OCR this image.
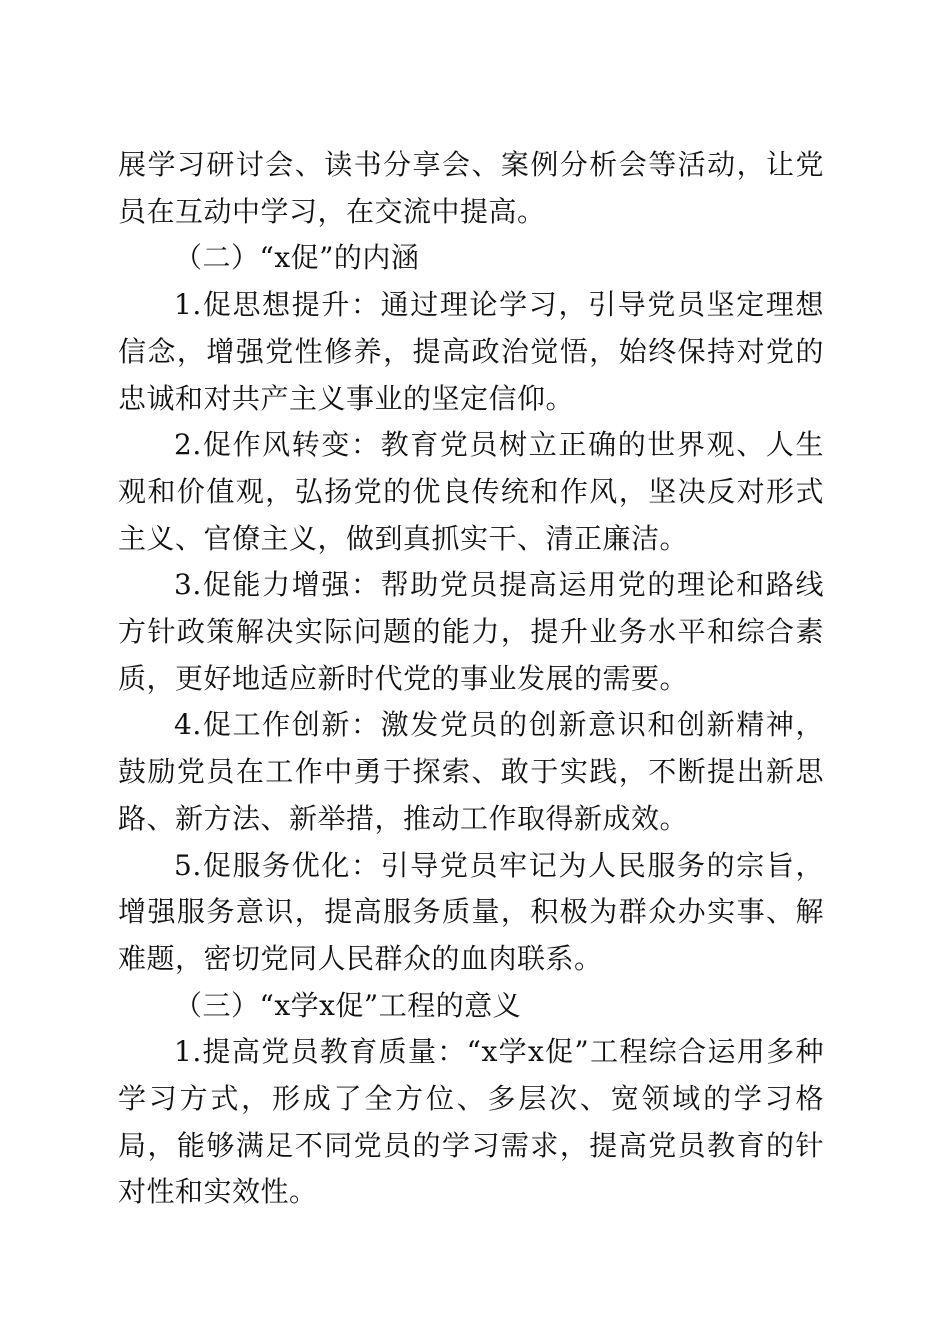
展学习研讨会、读书分享会、案例分析会等活动，让党员在互动中学习，在交流中提高。

（二）“x促”的内涵

1.促思想提升：通过理论学习，引导党员坚定理想信念，增强党性修养，提高政治觉悟，始终保持对党的忠诚和对共产主义事业的坚定信仰。

2.促作风转变：教育党员树立正确的世界观、人生观和价值观，弘扬党的优良传统和作风，坚决反对形式主义、官僚主义，做到真抓实干、清正廉洁。

3.促能力增强：帮助党员提高运用党的理论和路线方针政策解决实际问题的能力，提升业务水平和综合素质，更好地适应新时代党的事业发展的需要。

4.促工作创新：激发党员的创新意识和创新精神，鼓励党员在工作中勇于探索、敢于实践，不断提出新思路、新方法、新举措，推动工作取得新成效。

5.促服务优化：引导党员牢记为人民服务的宗旨，增强服务意识，提高服务质量，积极为群众办实事、解难题，密切党同人民群众的血肉联系。

（三）“x学x促”工程的意义

1.提高党员教育质量：“x学x促”工程综合运用多种学习方式，形成了全方位、多层次、宽领域的学习格局，能够满足不同党员的学习需求，提高党员教育的针对性和实效性。
